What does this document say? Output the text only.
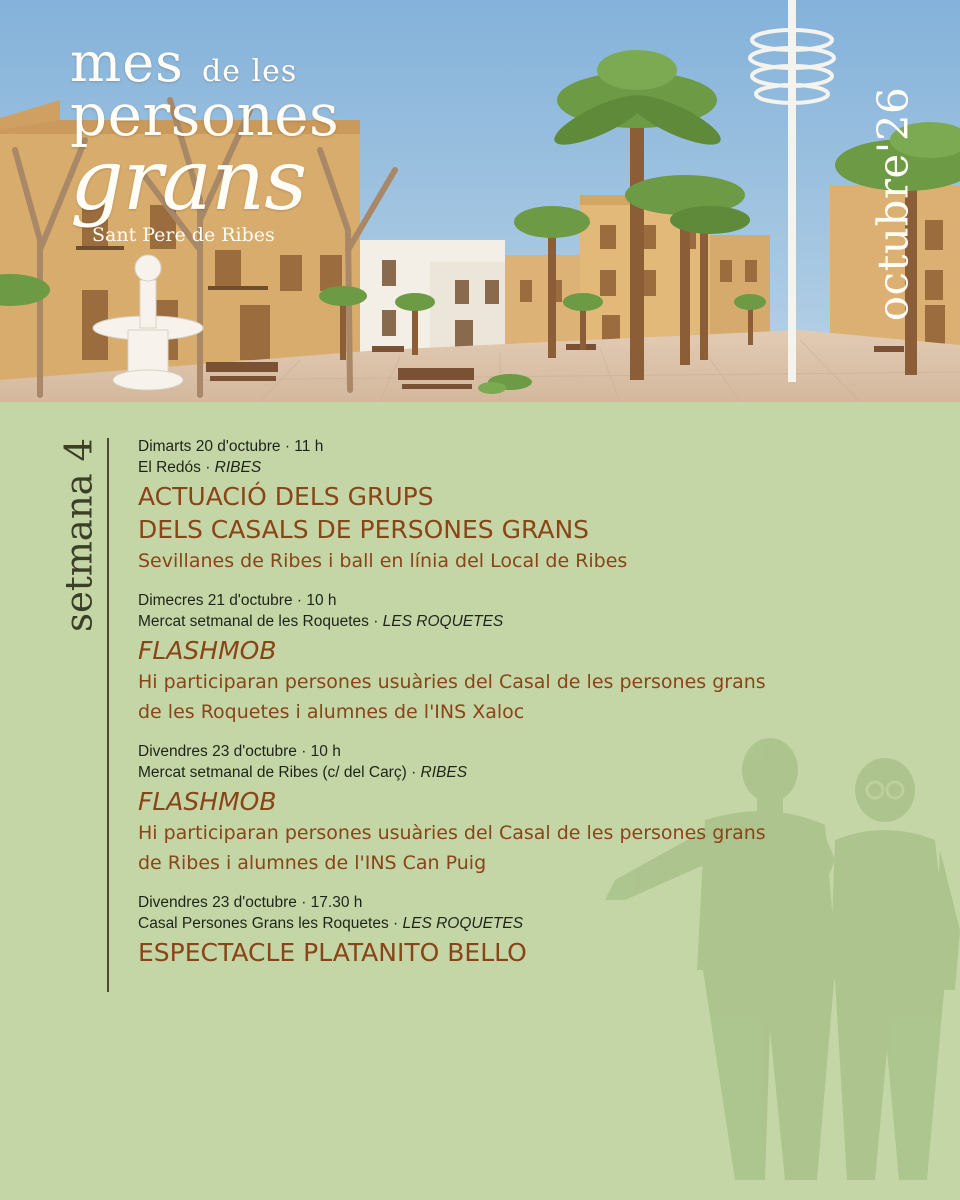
mes de les
persones
grans
Sant Pere de Ribes	octubre'26
setmana 4 Dimarts 20 d'octubre · 11 h
El Redós · RIBES
ACTUACIÓ DELS GRUPS
DELS CASALS DE PERSONES GRANS
Sevillanes de Ribes i ball en línia del Local de Ribes
Dimecres 21 d'octubre · 10 h
Mercat setmanal de les Roquetes · LES ROQUETES
FLASHMOB
Hi participaran persones usuàries del Casal de les persones grans
de les Roquetes i alumnes de l'INS Xaloc
Divendres 23 d'octubre · 10 h
Mercat setmanal de Ribes (c/ del Carç) · RIBES
FLASHMOB
Hi participaran persones usuàries del Casal de les persones grans
de Ribes i alumnes de l'INS Can Puig
Divendres 23 d'octubre · 17.30 h
Casal Persones Grans les Roquetes · LES ROQUETES
ESPECTACLE PLATANITO BELLO
